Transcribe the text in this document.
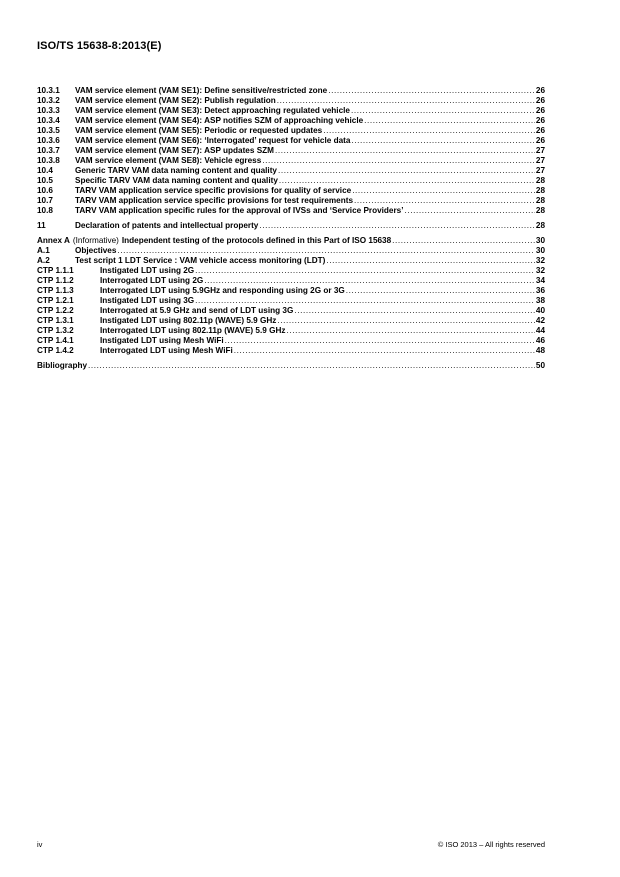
ISO/TS 15638-8:2013(E)
10.3.1	VAM service element (VAM SE1): Define sensitive/restricted zone .....	26
10.3.2	VAM service element (VAM SE2): Publish regulation .....	26
10.3.3	VAM service element (VAM SE3): Detect approaching regulated vehicle .....	26
10.3.4	VAM service element (VAM SE4): ASP notifies SZM of approaching vehicle .....	26
10.3.5	VAM service element (VAM SE5): Periodic or requested updates .....	26
10.3.6	VAM service element (VAM SE6): ‘Interrogated’ request for vehicle data .....	26
10.3.7	VAM service element (VAM SE7): ASP updates SZM .....	27
10.3.8	VAM service element (VAM SE8): Vehicle egress .....	27
10.4	Generic TARV VAM data naming content and quality .....	27
10.5	Specific TARV VAM data naming content and quality .....	28
10.6	TARV VAM application service specific provisions for quality of service .....	28
10.7	TARV VAM application service specific provisions for test requirements .....	28
10.8	TARV VAM application specific rules for the approval of IVSs and ‘Service Providers’ .....	28
11	Declaration of patents and intellectual property .....	28
Annex A (Informative) Independent testing of the protocols defined in this Part of ISO 15638 .....	30
A.1	Objectives .....	30
A.2	Test script 1 LDT Service : VAM vehicle access monitoring (LDT) .....	32
CTP 1.1.1	Instigated LDT using 2G .....	32
CTP 1.1.2	Interrogated LDT using 2G .....	34
CTP 1.1.3	Interrogated LDT using 5.9GHz and responding using 2G or 3G .....	36
CTP 1.2.1	Instigated LDT using 3G .....	38
CTP 1.2.2	Interrogated at 5.9 GHz and send of LDT using 3G .....	40
CTP 1.3.1	Instigated LDT using 802.11p (WAVE) 5.9 GHz .....	42
CTP 1.3.2	Interrogated LDT using 802.11p (WAVE) 5.9 GHz .....	44
CTP 1.4.1	Instigated LDT using Mesh WiFi .....	46
CTP 1.4.2	Interrogated LDT using Mesh WiFi .....	48
Bibliography .....	50
iv	© ISO 2013 – All rights reserved
